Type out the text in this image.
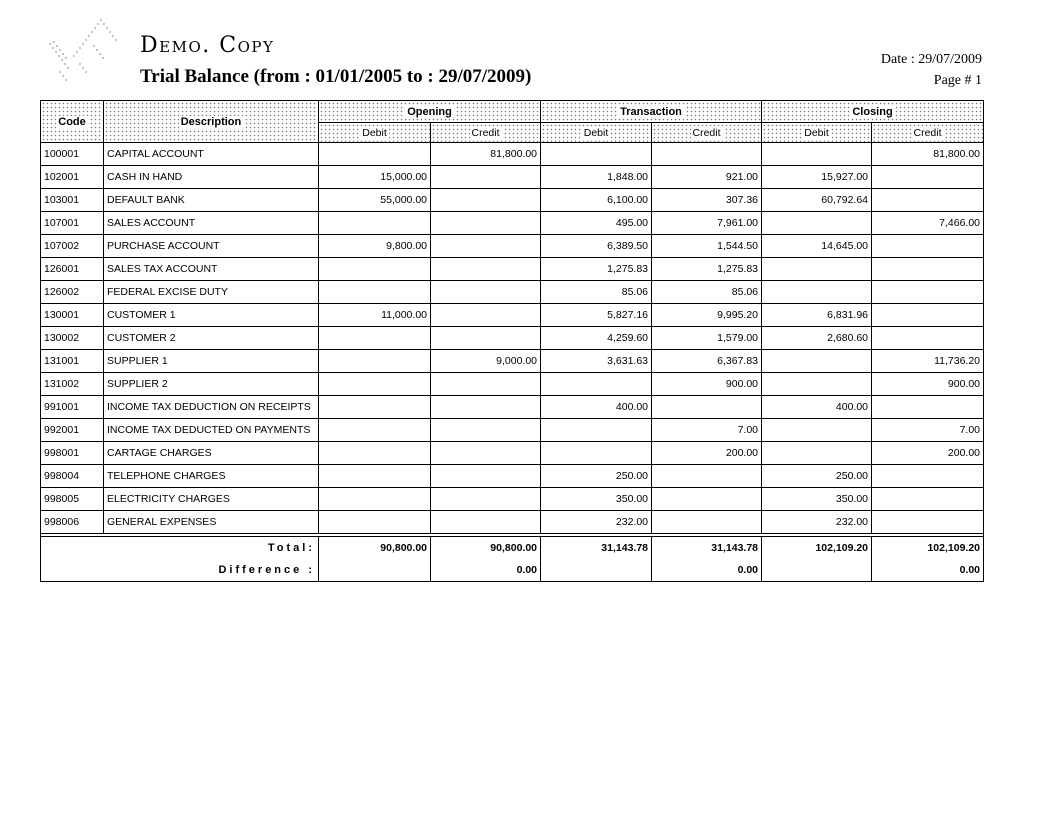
Demo. Copy
Trial Balance (from : 01/01/2005 to : 29/07/2009)
Date : 29/07/2009
Page # 1
Code	Description	Opening		Transaction		Closing	
		Debit	Credit	Debit	Credit	Debit	Credit
100001	CAPITAL ACCOUNT		81,800.00				81,800.00
102001	CASH IN HAND	15,000.00		1,848.00	921.00	15,927.00	
103001	DEFAULT BANK	55,000.00		6,100.00	307.36	60,792.64	
107001	SALES ACCOUNT			495.00	7,961.00		7,466.00
107002	PURCHASE ACCOUNT	9,800.00		6,389.50	1,544.50	14,645.00	
126001	SALES TAX ACCOUNT			1,275.83	1,275.83		
126002	FEDERAL EXCISE DUTY			85.06	85.06		
130001	CUSTOMER 1	11,000.00		5,827.16	9,995.20	6,831.96	
130002	CUSTOMER 2			4,259.60	1,579.00	2,680.60	
131001	SUPPLIER 1		9,000.00	3,631.63	6,367.83		11,736.20
131002	SUPPLIER 2				900.00		900.00
991001	INCOME TAX DEDUCTION ON RECEIPTS			400.00		400.00	
992001	INCOME TAX DEDUCTED ON PAYMENTS				7.00		7.00
998001	CARTAGE CHARGES				200.00		200.00
998004	TELEPHONE CHARGES			250.00		250.00	
998005	ELECTRICITY CHARGES			350.00		350.00	
998006	GENERAL EXPENSES			232.00		232.00	

Total:		90,800.00	90,800.00	31,143.78	31,143.78	102,109.20	102,109.20
Difference :			0.00		0.00		0.00
